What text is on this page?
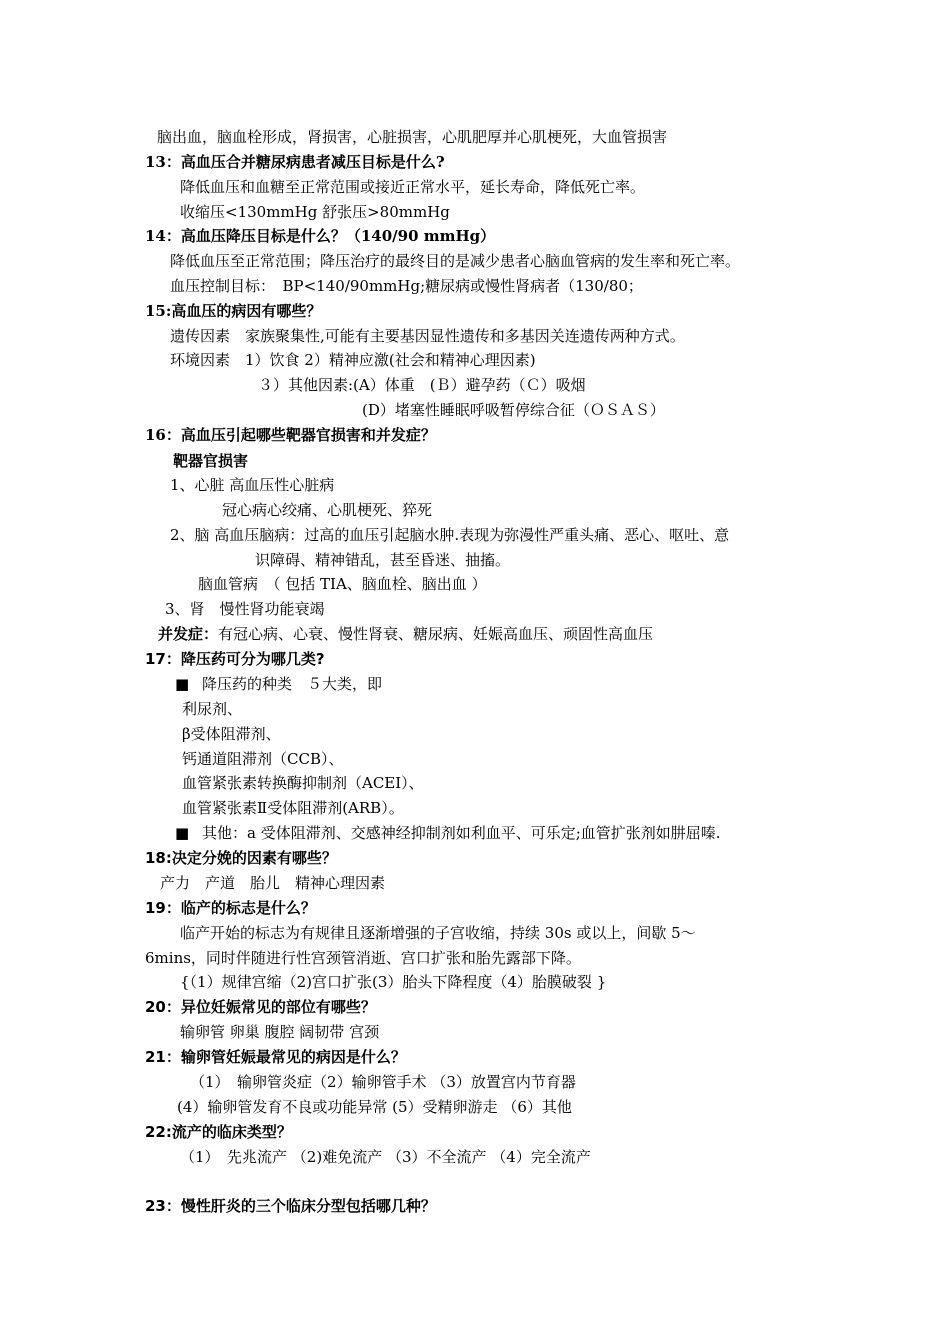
脑出血，脑血栓形成，肾损害，心脏损害，心肌肥厚并心肌梗死，大血管损害
13：高血压合并糖尿病患者减压目标是什么?
降低血压和血糖至正常范围或接近正常水平，延长寿命，降低死亡率。
收缩压<130mmHg 舒张压>80mmHg
14：高血压降压目标是什么？（140/90 mmHg）
降低血压至正常范围；降压治疗的最终目的是减少患者心脑血管病的发生率和死亡率。
血压控制目标：　BP<140/90mmHg;糖尿病或慢性肾病者（130/80；
15:高血压的病因有哪些？
遗传因素　家族聚集性,可能有主要基因显性遗传和多基因关连遗传两种方式。
环境因素　1）饮食 2）精神应激(社会和精神心理因素)
３）其他因素:(A）体重　(Ｂ）避孕药（Ｃ）吸烟
(D）堵塞性睡眠呼吸暂停综合征（ＯＳＡＳ）
16：高血压引起哪些靶器官损害和并发症？
靶器官损害
1、心脏 高血压性心脏病
冠心病心绞痛、心肌梗死、猝死
2、脑 高血压脑病：过高的血压引起脑水肿.表现为弥漫性严重头痛、恶心、呕吐、意
识障碍、精神错乱，甚至昏迷、抽搐。
脑血管病　（ 包括 TIA、脑血栓、脑出血 ）
3、肾　慢性肾功能衰竭
并发症：有冠心病、心衰、慢性肾衰、糖尿病、妊娠高血压、顽固性高血压
17：降压药可分为哪几类?
■ 降压药的种类　５大类，即
利尿剂、
β受体阻滞剂、
钙通道阻滞剂（CCB）、
血管紧张素转换酶抑制剂（ACEI）、
血管紧张素Ⅱ受体阻滞剂(ARB）。
■ 其他：a 受体阻滞剂、交感神经抑制剂如利血平、可乐定;血管扩张剂如肼屈嗪.
18:决定分娩的因素有哪些？
产力　产道　胎儿　精神心理因素
19：临产的标志是什么？
临产开始的标志为有规律且逐渐增强的子宫收缩，持续 30s 或以上，间歇 5～
6mins，同时伴随进行性宫颈管消逝、宫口扩张和胎先露部下降。
{（1）规律宫缩（2)宫口扩张(3）胎头下降程度（4）胎膜破裂 }
20：异位妊娠常见的部位有哪些？
输卵管 卵巢 腹腔 阔韧带 宫颈
21：输卵管妊娠最常见的病因是什么？
（1）　输卵管炎症（2）输卵管手术 （3）放置宫内节育器
(4）输卵管发育不良或功能异常 (5）受精卵游走 （6）其他
22:流产的临床类型？
（1）　先兆流产 （2)难免流产 （3）不全流产 （4）完全流产
23：慢性肝炎的三个临床分型包括哪几种？
